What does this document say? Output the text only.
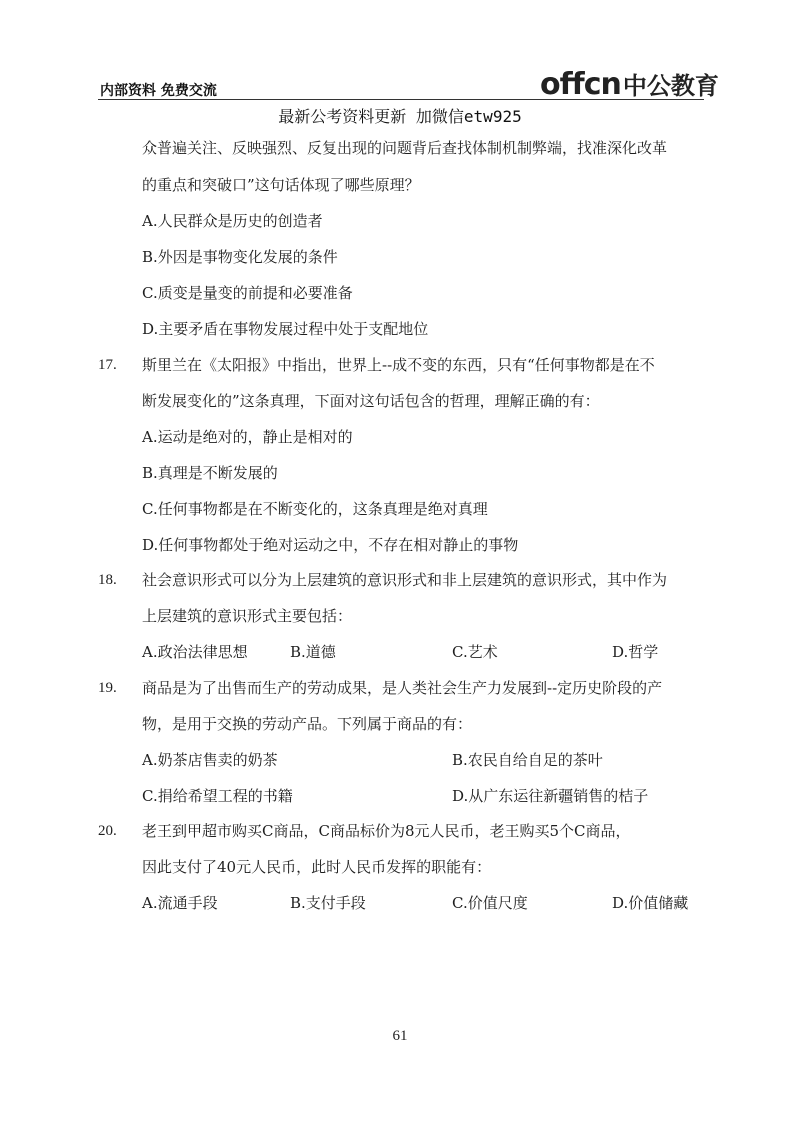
内部资料 免费交流	offcn 中公教育
最新公考资料更新 加微信etw925
众普遍关注、反映强烈、反复出现的问题背后查找体制机制弊端，找准深化改革
的重点和突破口”这句话体现了哪些原理？
A.人民群众是历史的创造者
B.外因是事物变化发展的条件
C.质变是量变的前提和必要准备
D.主要矛盾在事物发展过程中处于支配地位
17. 斯里兰在《太阳报》中指出，世界上--成不变的东西，只有“任何事物都是在不
断发展变化的”这条真理，下面对这句话包含的哲理，理解正确的有：
A.运动是绝对的，静止是相对的
B.真理是不断发展的
C.任何事物都是在不断变化的，这条真理是绝对真理
D.任何事物都处于绝对运动之中，不存在相对静止的事物
18. 社会意识形式可以分为上层建筑的意识形式和非上层建筑的意识形式，其中作为
上层建筑的意识形式主要包括：
A.政治法律思想	B.道德	C.艺术	D.哲学
19. 商品是为了出售而生产的劳动成果，是人类社会生产力发展到--定历史阶段的产
物，是用于交换的劳动产品。下列属于商品的有：
A.奶茶店售卖的奶茶	B.农民自给自足的茶叶
C.捐给希望工程的书籍	D.从广东运往新疆销售的桔子
20. 老王到甲超市购买C商品，C商品标价为8元人民币，老王购买5个C商品，
因此支付了40元人民币，此时人民币发挥的职能有：
A.流通手段	B.支付手段	C.价值尺度	D.价值储藏
61
